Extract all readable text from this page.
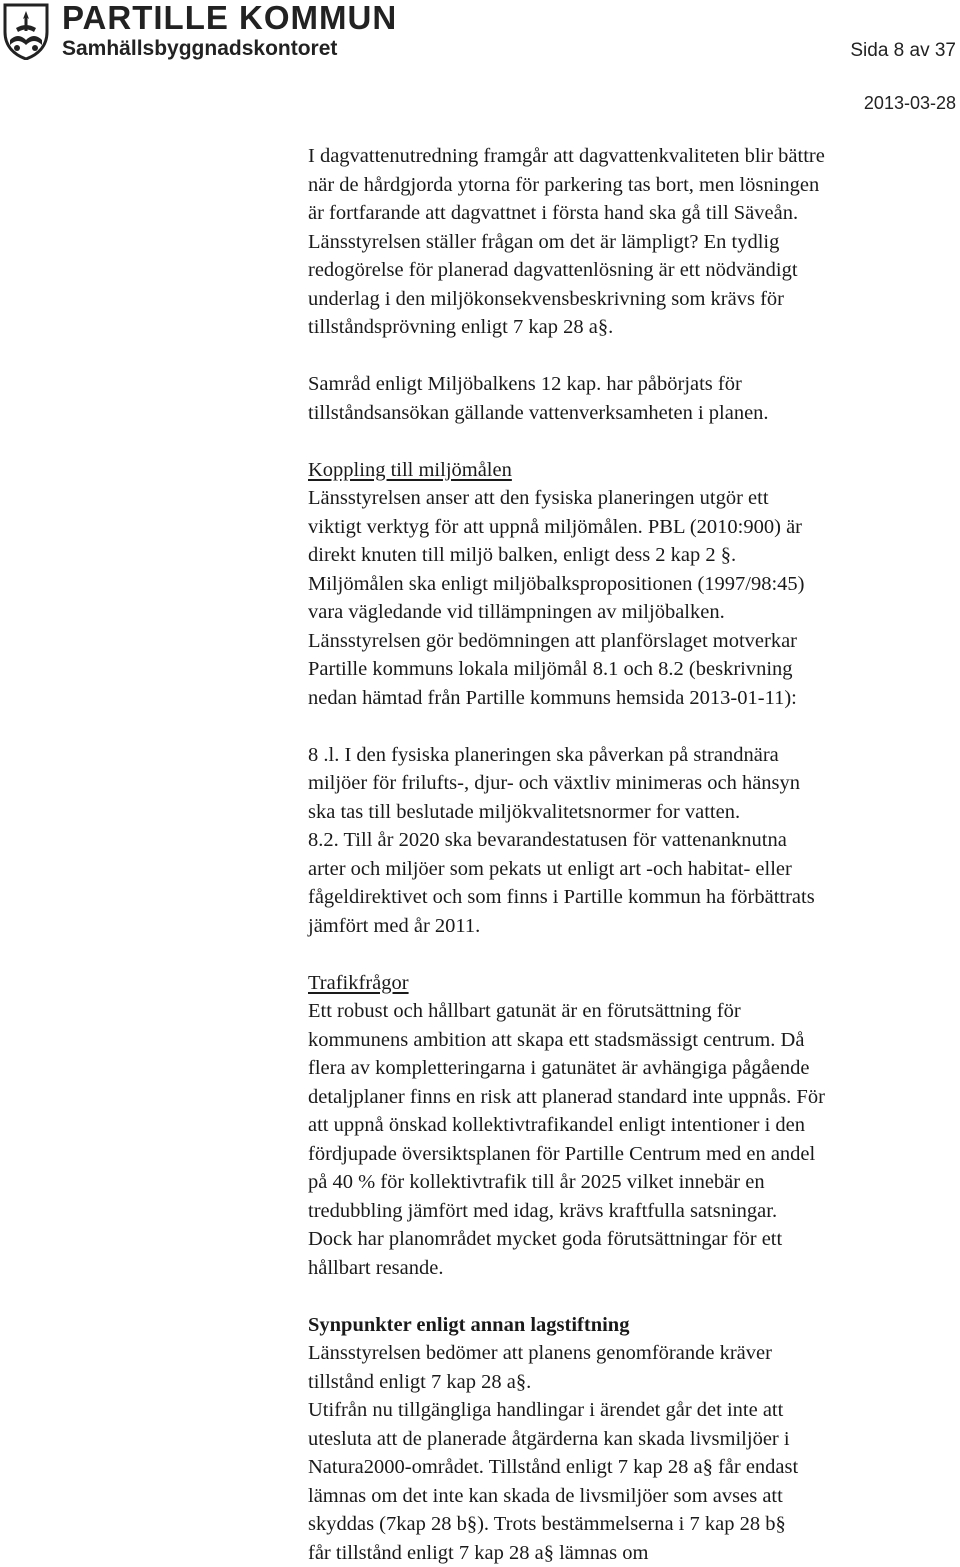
PARTILLE KOMMUN
Samhällsbyggnadskontoret	Sida 8 av 37
2013-03-28
I dagvattenutredning framgår att dagvattenkvaliteten blir bättre
när de hårdgjorda ytorna för parkering tas bort, men lösningen
är fortfarande att dagvattnet i första hand ska gå till Säveån.
Länsstyrelsen ställer frågan om det är lämpligt? En tydlig
redogörelse för planerad dagvattenlösning är ett nödvändigt
underlag i den miljökonsekvensbeskrivning som krävs för
tillståndsprövning enligt 7 kap 28 a§.
Samråd enligt Miljöbalkens 12 kap. har påbörjats för
tillståndsansökan gällande vattenverksamheten i planen.
Koppling till miljömålen
Länsstyrelsen anser att den fysiska planeringen utgör ett
viktigt verktyg för att uppnå miljömålen. PBL (2010:900) är
direkt knuten till miljö balken, enligt dess 2 kap 2 §.
Miljömålen ska enligt miljöbalkspropositionen (1997/98:45)
vara vägledande vid tillämpningen av miljöbalken.
Länsstyrelsen gör bedömningen att planförslaget motverkar
Partille kommuns lokala miljömål 8.1 och 8.2 (beskrivning
nedan hämtad från Partille kommuns hemsida 2013-01-11):
8 .l. I den fysiska planeringen ska påverkan på strandnära
miljöer för frilufts-, djur- och växtliv minimeras och hänsyn
ska tas till beslutade miljökvalitetsnormer for vatten.
8.2. Till år 2020 ska bevarandestatusen för vattenanknutna
arter och miljöer som pekats ut enligt art -och habitat- eller
fågeldirektivet och som finns i Partille kommun ha förbättrats
jämfört med år 2011.
Trafikfrågor
Ett robust och hållbart gatunät är en förutsättning för
kommunens ambition att skapa ett stadsmässigt centrum. Då
flera av kompletteringarna i gatunätet är avhängiga pågående
detaljplaner finns en risk att planerad standard inte uppnås. För
att uppnå önskad kollektivtrafikandel enligt intentioner i den
fördjupade översiktsplanen för Partille Centrum med en andel
på 40 % för kollektivtrafik till år 2025 vilket innebär en
tredubbling jämfört med idag, krävs kraftfulla satsningar.
Dock har planområdet mycket goda förutsättningar för ett
hållbart resande.
Synpunkter enligt annan lagstiftning
Länsstyrelsen bedömer att planens genomförande kräver
tillstånd enligt 7 kap 28 a§.
Utifrån nu tillgängliga handlingar i ärendet går det inte att
utesluta att de planerade åtgärderna kan skada livsmiljöer i
Natura2000-området. Tillstånd enligt 7 kap 28 a§ får endast
lämnas om det inte kan skada de livsmiljöer som avses att
skyddas (7kap 28 b§). Trots bestämmelserna i 7 kap 28 b§
får tillstånd enligt 7 kap 28 a§ lämnas om
